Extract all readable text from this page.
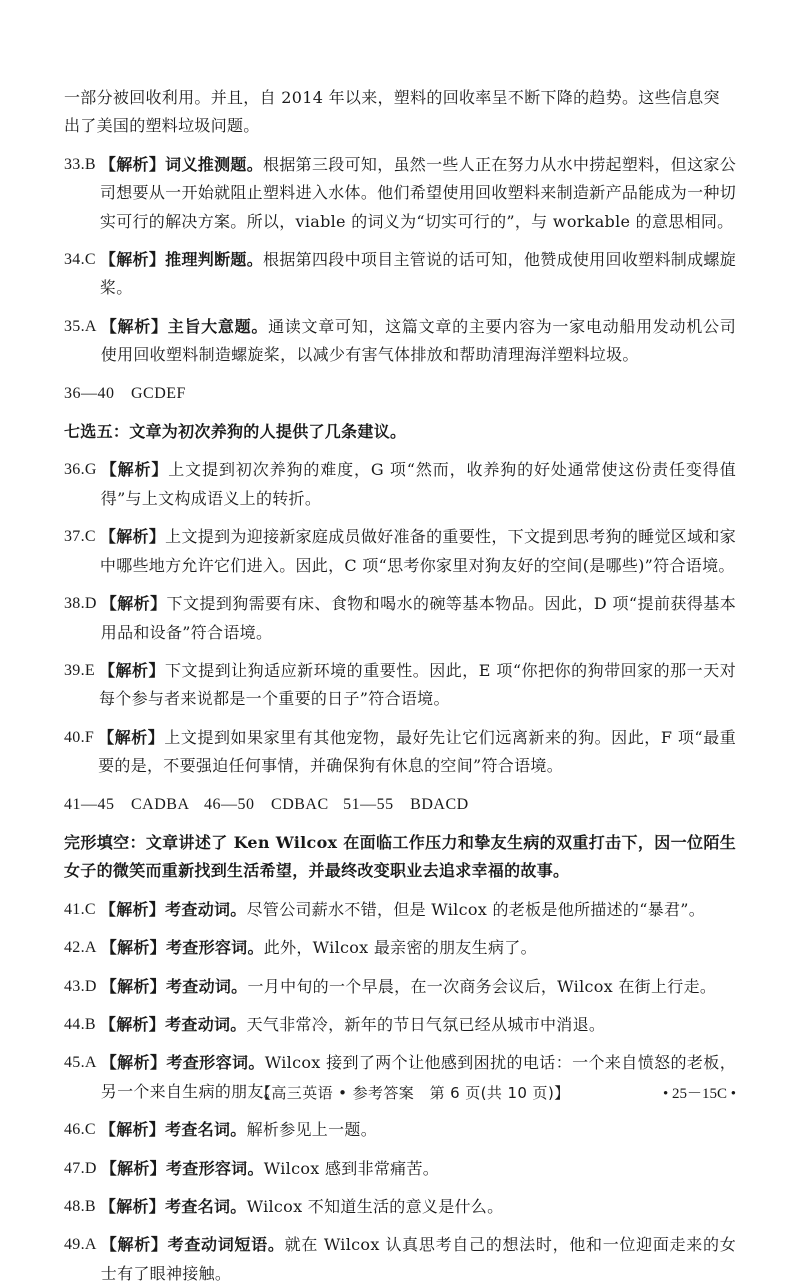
一部分被回收利用。并且，自 2014 年以来，塑料的回收率呈不断下降的趋势。这些信息突
出了美国的塑料垃圾问题。

33. B 【解析】词义推测题。根据第三段可知，虽然一些人正在努力从水中捞起塑料，但这家公司想要从一开始就阻止塑料进入水体。他们希望使用回收塑料来制造新产品能成为一种切实可行的解决方案。所以，viable 的词义为“切实可行的”，与 workable 的意思相同。
34. C 【解析】推理判断题。根据第四段中项目主管说的话可知，他赞成使用回收塑料制成螺旋桨。
35. A 【解析】主旨大意题。通读文章可知，这篇文章的主要内容为一家电动船用发动机公司使用回收塑料制造螺旋桨，以减少有害气体排放和帮助清理海洋塑料垃圾。
36—40　GCDEF
七选五：文章为初次养狗的人提供了几条建议。
36. G 【解析】上文提到初次养狗的难度，G 项“然而，收养狗的好处通常使这份责任变得值得”与上文构成语义上的转折。
37. C 【解析】上文提到为迎接新家庭成员做好准备的重要性，下文提到思考狗的睡觉区域和家中哪些地方允许它们进入。因此，C 项“思考你家里对狗友好的空间(是哪些)”符合语境。
38. D 【解析】下文提到狗需要有床、食物和喝水的碗等基本物品。因此，D 项“提前获得基本用品和设备”符合语境。
39. E 【解析】下文提到让狗适应新环境的重要性。因此，E 项“你把你的狗带回家的那一天对每个参与者来说都是一个重要的日子”符合语境。
40. F 【解析】上文提到如果家里有其他宠物，最好先让它们远离新来的狗。因此，F 项“最重要的是，不要强迫任何事情，并确保狗有休息的空间”符合语境。
41—45　CADBA 46—50　CDBAC 51—55　BDACD
完形填空：文章讲述了 Ken Wilcox 在面临工作压力和挚友生病的双重打击下，因一位陌生女子的微笑而重新找到生活希望，并最终改变职业去追求幸福的故事。
41. C 【解析】考查动词。尽管公司薪水不错，但是 Wilcox 的老板是他所描述的“暴君”。
42. A 【解析】考查形容词。此外，Wilcox 最亲密的朋友生病了。
43. D 【解析】考查动词。一月中旬的一个早晨，在一次商务会议后，Wilcox 在街上行走。
44. B 【解析】考查动词。天气非常冷，新年的节日气氛已经从城市中消退。
45. A 【解析】考查形容词。Wilcox 接到了两个让他感到困扰的电话：一个来自愤怒的老板，另一个来自生病的朋友。
46. C 【解析】考查名词。解析参见上一题。
47. D 【解析】考查形容词。Wilcox 感到非常痛苦。
48. B 【解析】考查名词。Wilcox 不知道生活的意义是什么。
49. A 【解析】考查动词短语。就在 Wilcox 认真思考自己的想法时，他和一位迎面走来的女士有了眼神接触。
【高三英语 • 参考答案　第 6 页(共 10 页)】	• 25－15C •
